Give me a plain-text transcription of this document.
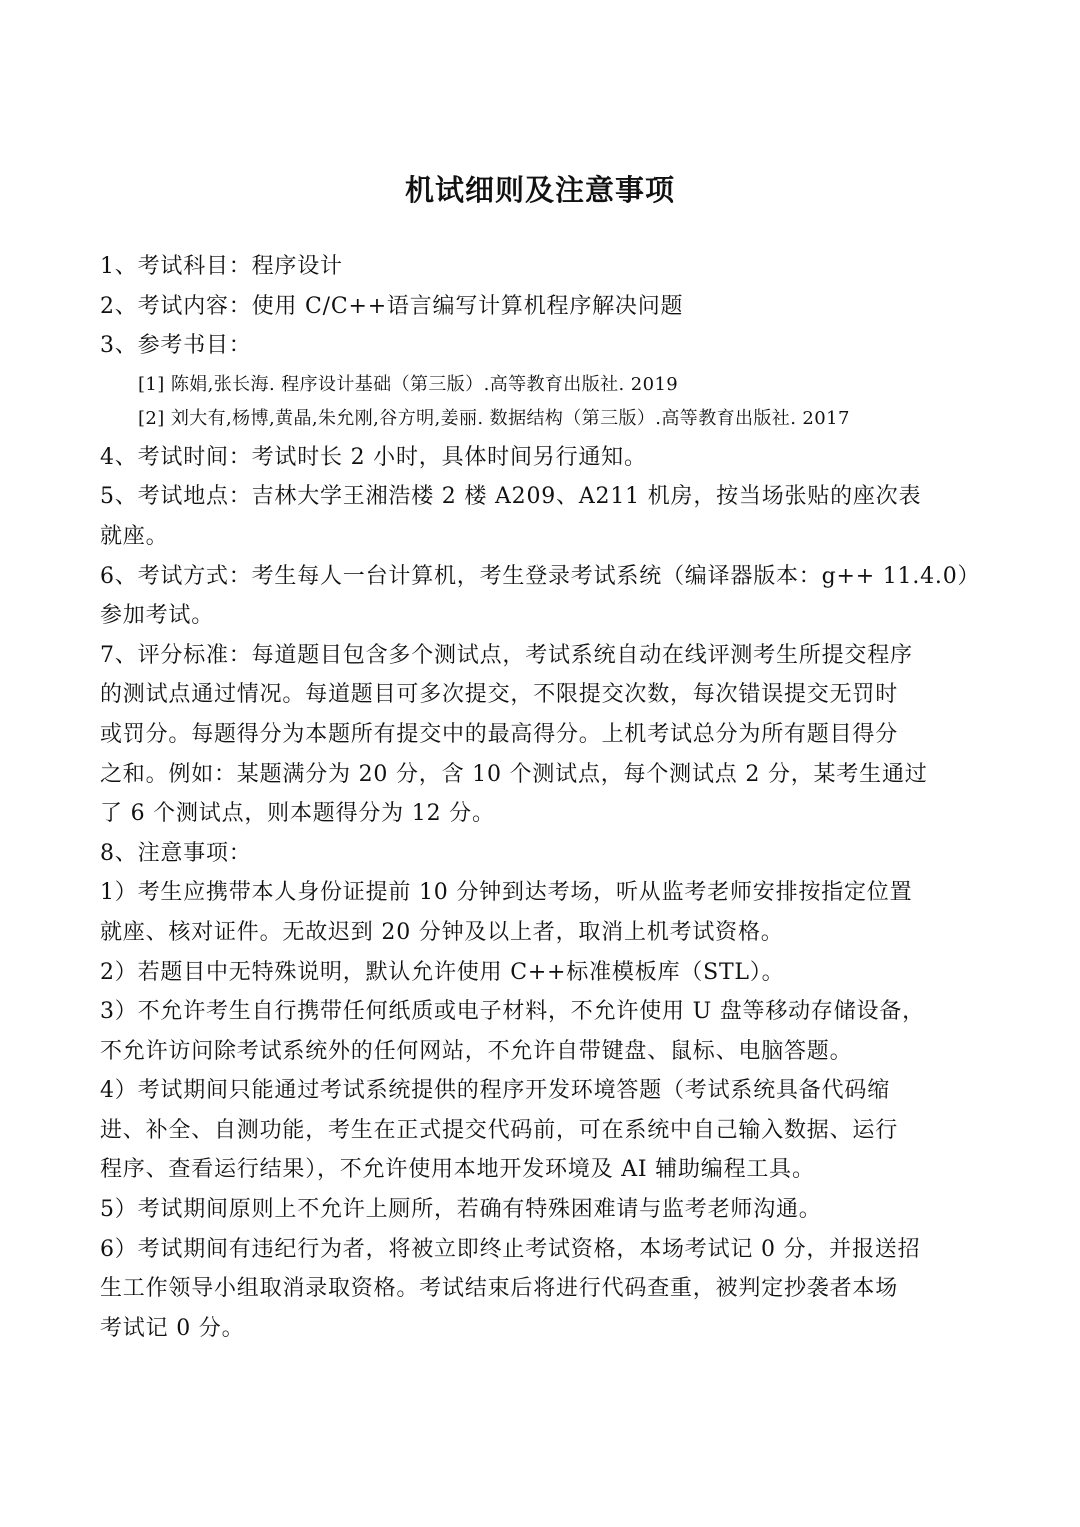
机试细则及注意事项
1、考试科目：程序设计
2、考试内容：使用 C/C++语言编写计算机程序解决问题
3、参考书目：
[1] 陈娟,张长海. 程序设计基础（第三版）.高等教育出版社. 2019
[2] 刘大有,杨博,黄晶,朱允刚,谷方明,姜丽. 数据结构（第三版）.高等教育出版社. 2017
4、考试时间：考试时长 2 小时，具体时间另行通知。
5、考试地点：吉林大学王湘浩楼 2 楼 A209、A211 机房，按当场张贴的座次表
就座。
6、考试方式：考生每人一台计算机，考生登录考试系统（编译器版本：g++ 11.4.0）
参加考试。
7、评分标准：每道题目包含多个测试点，考试系统自动在线评测考生所提交程序
的测试点通过情况。每道题目可多次提交，不限提交次数，每次错误提交无罚时
或罚分。每题得分为本题所有提交中的最高得分。上机考试总分为所有题目得分
之和。例如：某题满分为 20 分，含 10 个测试点，每个测试点 2 分，某考生通过
了 6 个测试点，则本题得分为 12 分。
8、注意事项：
1）考生应携带本人身份证提前 10 分钟到达考场，听从监考老师安排按指定位置
就座、核对证件。无故迟到 20 分钟及以上者，取消上机考试资格。
2）若题目中无特殊说明，默认允许使用 C++标准模板库（STL）。
3）不允许考生自行携带任何纸质或电子材料，不允许使用 U 盘等移动存储设备，
不允许访问除考试系统外的任何网站，不允许自带键盘、鼠标、电脑答题。
4）考试期间只能通过考试系统提供的程序开发环境答题（考试系统具备代码缩
进、补全、自测功能，考生在正式提交代码前，可在系统中自己输入数据、运行
程序、查看运行结果），不允许使用本地开发环境及 AI 辅助编程工具。
5）考试期间原则上不允许上厕所，若确有特殊困难请与监考老师沟通。
6）考试期间有违纪行为者，将被立即终止考试资格，本场考试记 0 分，并报送招
生工作领导小组取消录取资格。考试结束后将进行代码查重，被判定抄袭者本场
考试记 0 分。
